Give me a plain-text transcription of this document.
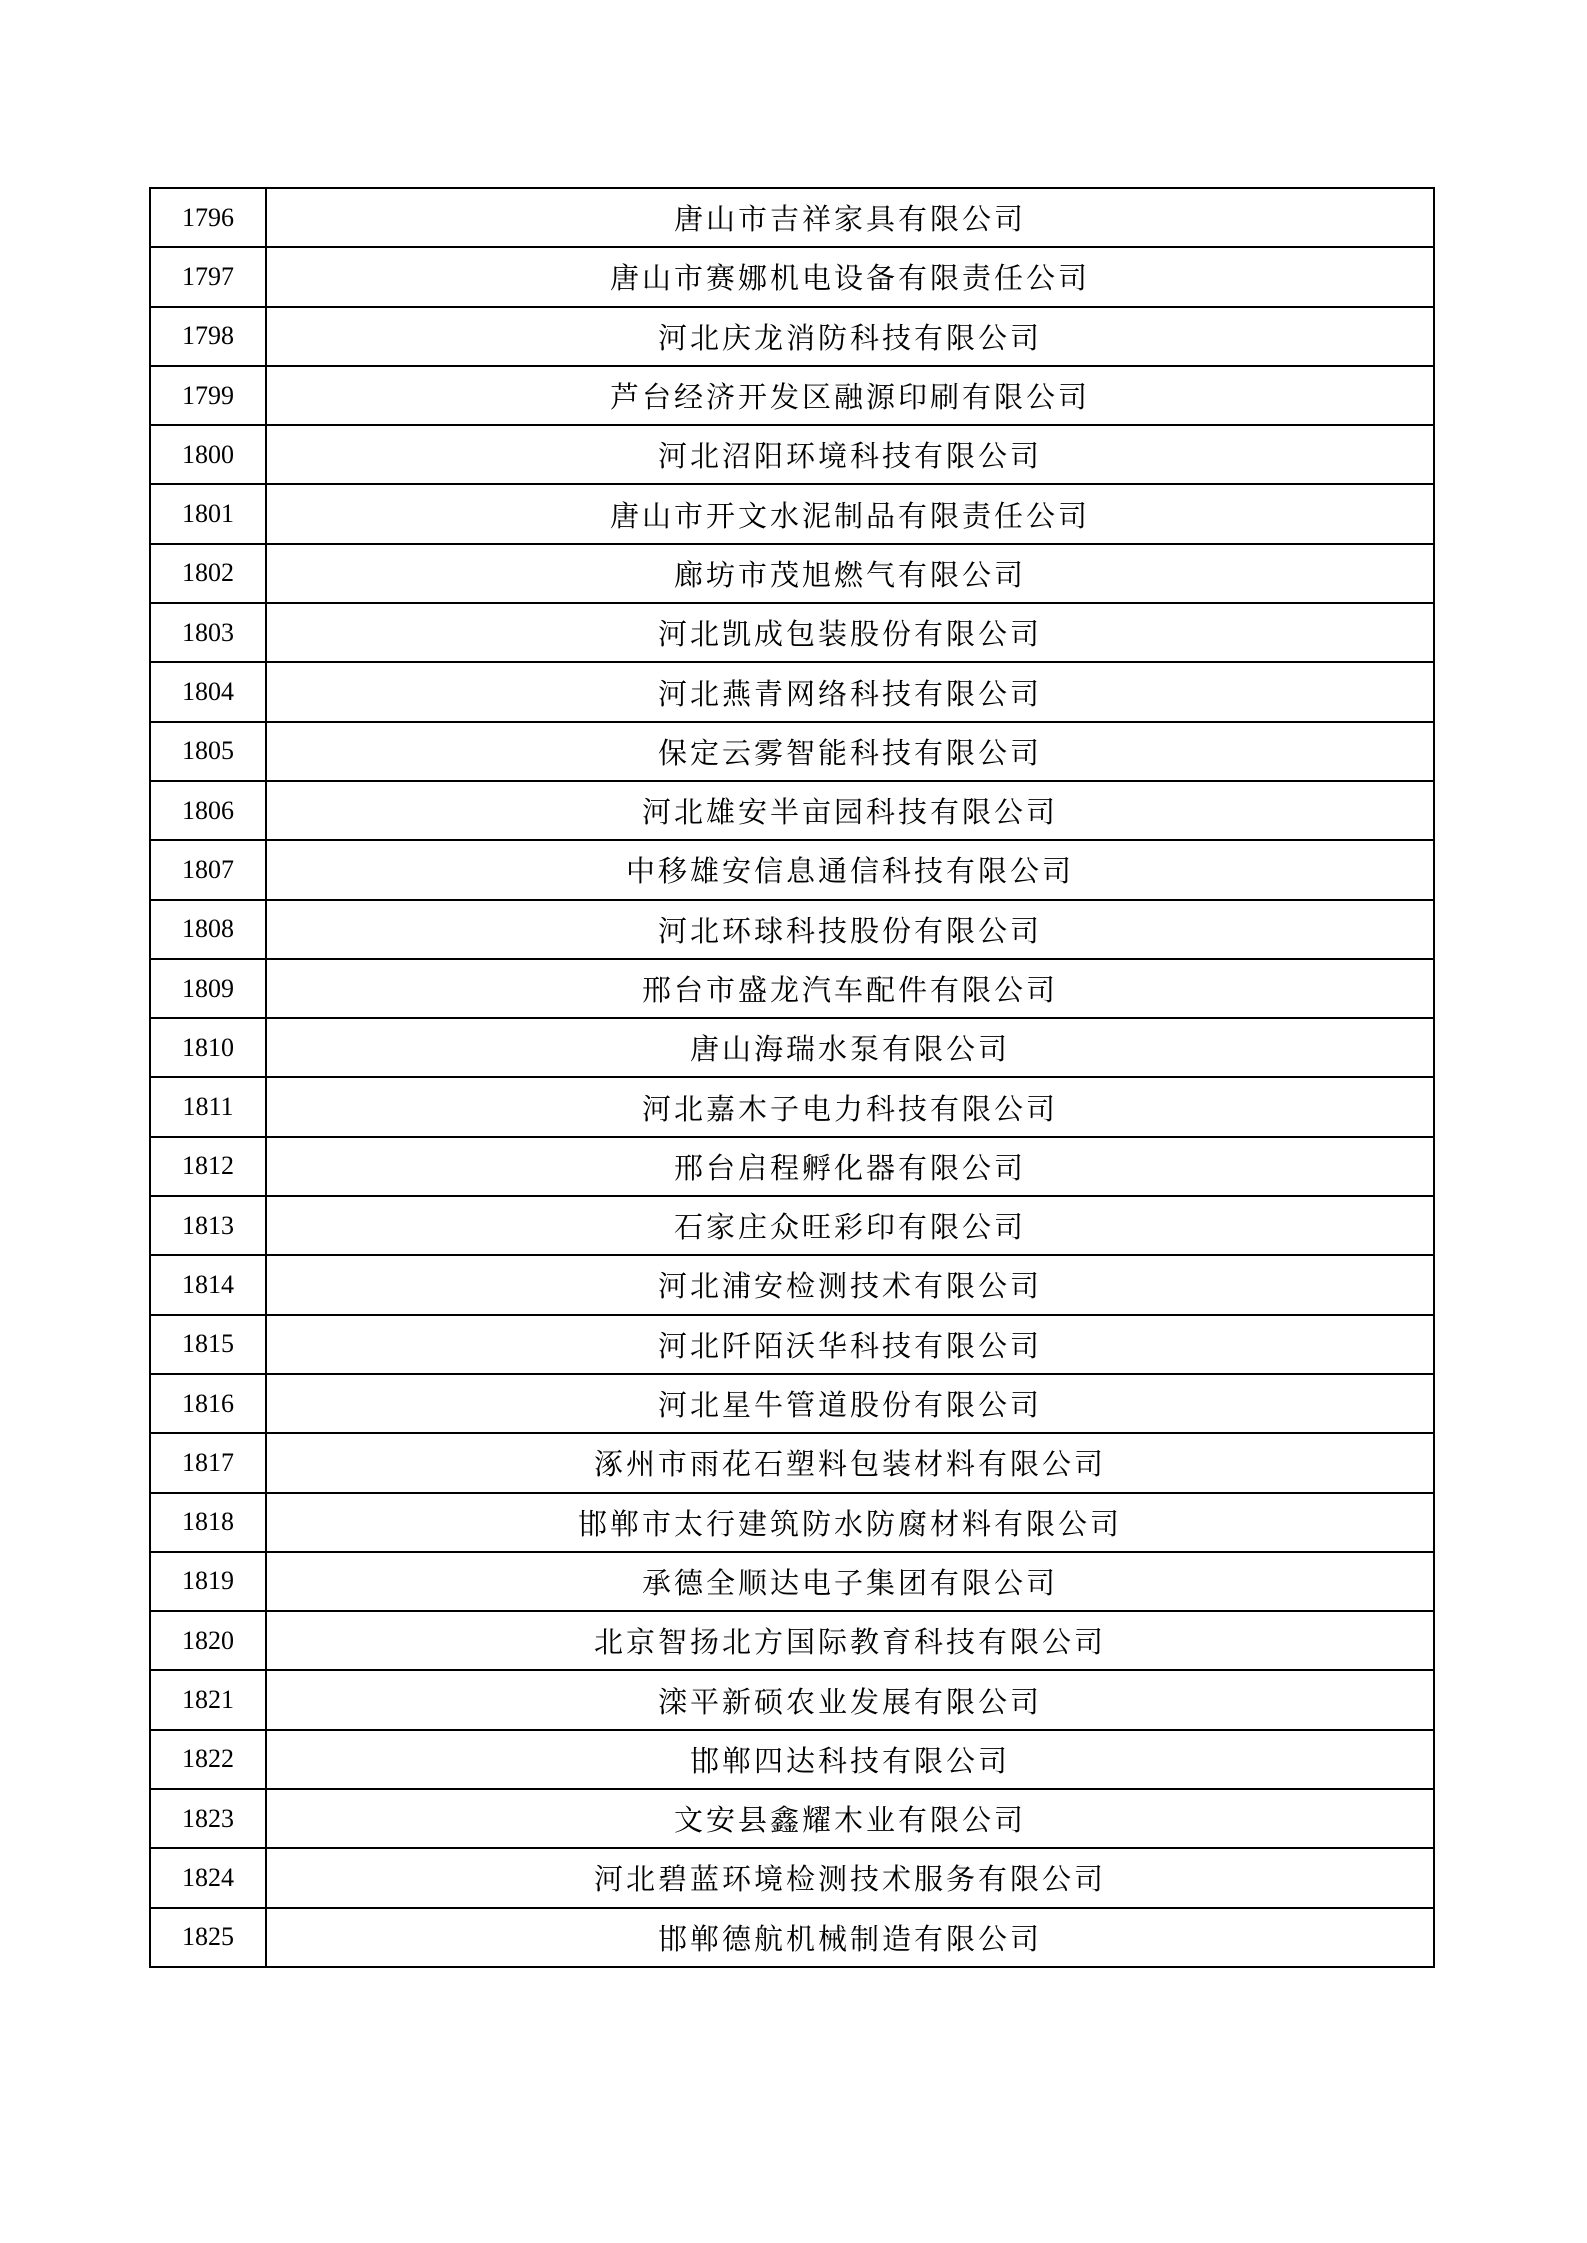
1796	唐山市吉祥家具有限公司
1797	唐山市赛娜机电设备有限责任公司
1798	河北庆龙消防科技有限公司
1799	芦台经济开发区融源印刷有限公司
1800	河北沼阳环境科技有限公司
1801	唐山市开文水泥制品有限责任公司
1802	廊坊市茂旭燃气有限公司
1803	河北凯成包装股份有限公司
1804	河北燕青网络科技有限公司
1805	保定云雾智能科技有限公司
1806	河北雄安半亩园科技有限公司
1807	中移雄安信息通信科技有限公司
1808	河北环球科技股份有限公司
1809	邢台市盛龙汽车配件有限公司
1810	唐山海瑞水泵有限公司
1811	河北嘉木子电力科技有限公司
1812	邢台启程孵化器有限公司
1813	石家庄众旺彩印有限公司
1814	河北浦安检测技术有限公司
1815	河北阡陌沃华科技有限公司
1816	河北星牛管道股份有限公司
1817	涿州市雨花石塑料包装材料有限公司
1818	邯郸市太行建筑防水防腐材料有限公司
1819	承德全顺达电子集团有限公司
1820	北京智扬北方国际教育科技有限公司
1821	滦平新硕农业发展有限公司
1822	邯郸四达科技有限公司
1823	文安县鑫耀木业有限公司
1824	河北碧蓝环境检测技术服务有限公司
1825	邯郸德航机械制造有限公司
